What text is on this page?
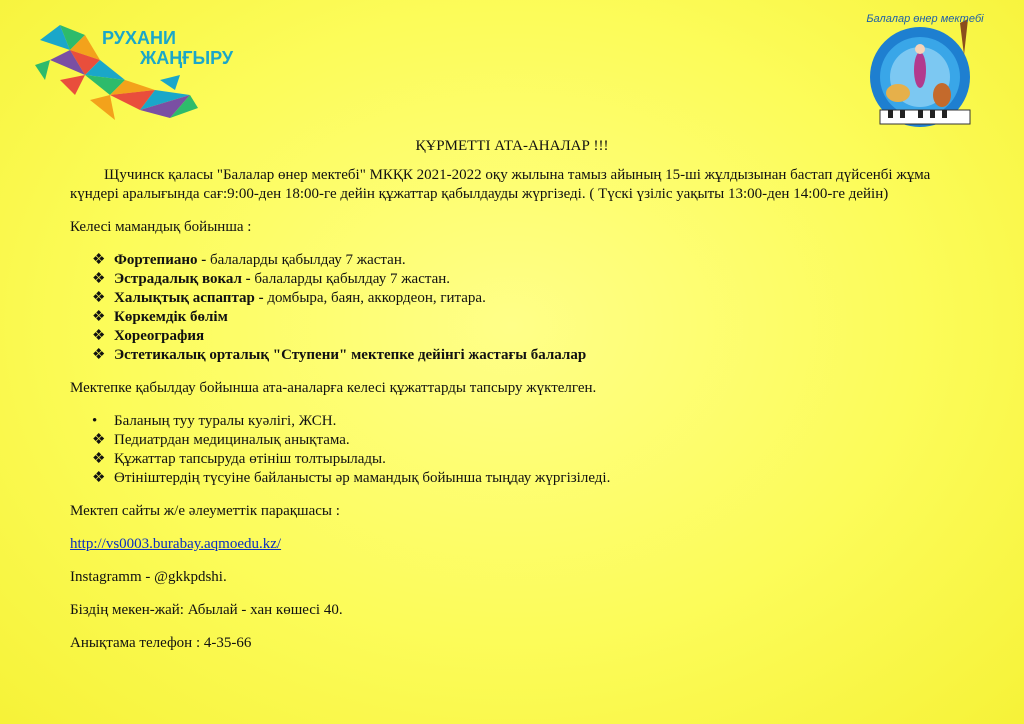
РУХАНИ
ЖАҢҒЫРУ
Балалар өнер мектебі
ҚҰРМЕТТІ АТА-АНАЛАР !!!

Щучинск қаласы "Балалар өнер мектебі" МКҚК 2021-2022 оқу жылына тамыз айының 15-ші жұлдызынан бастап дүйсенбі жұма күндері аралығында сағ:9:00-ден 18:00-ге дейін құжаттар қабылдауды жүргізеді. ( Түскі үзіліс уақыты 13:00-ден 14:00-ге дейін)

Келесі мамандық бойынша :

❖ Фортепиано - балаларды қабылдау 7 жастан.
❖ Эстрадалық вокал - балаларды қабылдау 7 жастан.
❖ Халықтық аспаптар - домбыра, баян, аккордеон, гитара.
❖ Көркемдік бөлім
❖ Хореография
❖ Эстетикалық орталық "Ступени" мектепке дейінгі жастағы балалар

Мектепке қабылдау бойынша ата-аналарға келесі құжаттарды тапсыру жүктелген.

•	Баланың туу туралы куәлігі, ЖСН.
❖ Педиатрдан медициналық анықтама.
❖ Құжаттар тапсыруда өтініш толтырылады.
❖ Өтініштердің түсуіне байланысты әр мамандық бойынша тыңдау жүргізіледі.

Мектеп сайты ж/е әлеуметтік парақшасы :

http://vs0003.burabay.aqmoedu.kz/

Instagramm - @gkkpdshi.

Біздің мекен-жай: Абылай - хан көшесі 40.

Анықтама телефон : 4-35-66
